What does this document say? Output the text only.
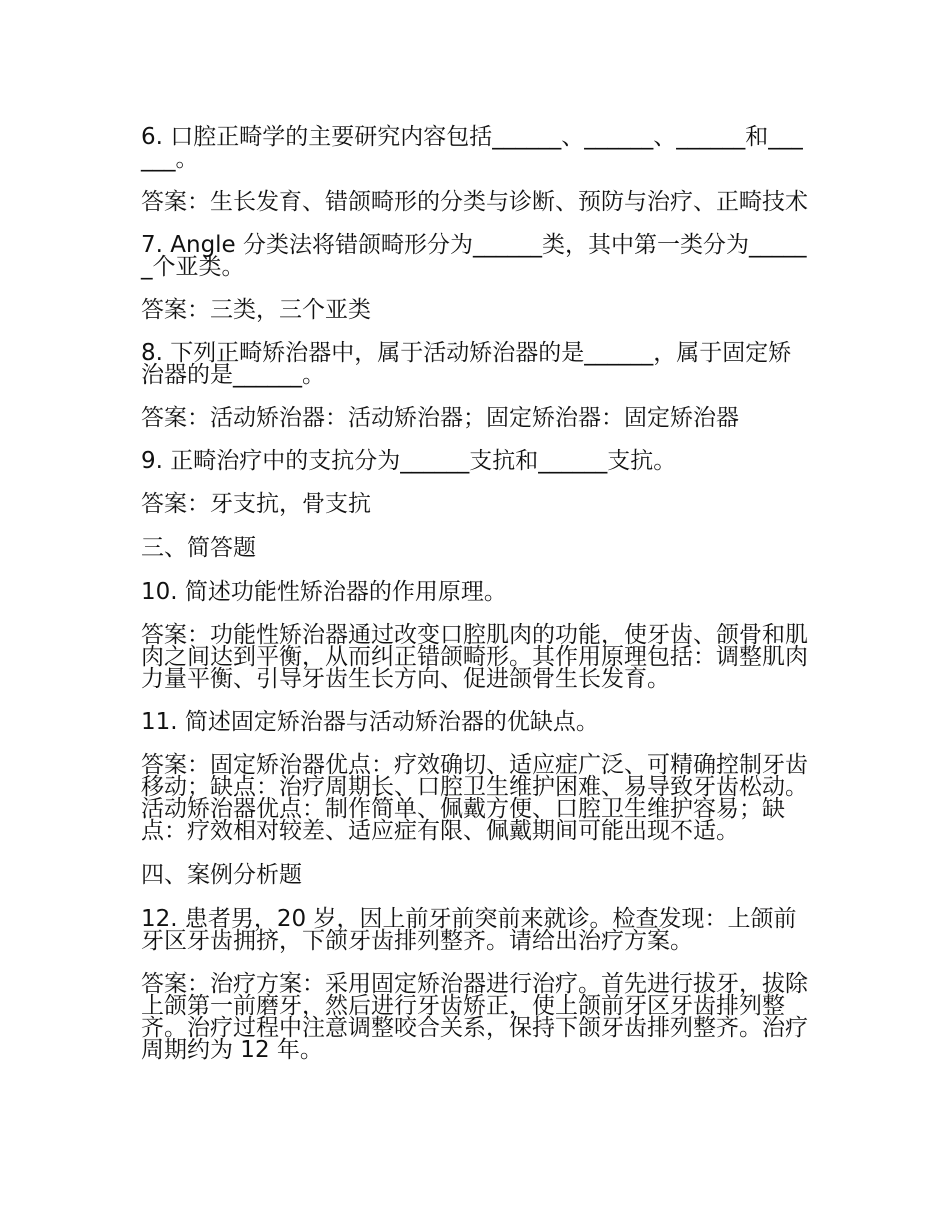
6. 口腔正畸学的主要研究内容包括______、______、______和______。

答案：生长发育、错颌畸形的分类与诊断、预防与治疗、正畸技术

7. Angle 分类法将错颌畸形分为______类，其中第一类分为______个亚类。

答案：三类，三个亚类

8. 下列正畸矫治器中，属于活动矫治器的是______，属于固定矫治器的是______。

答案：活动矫治器：活动矫治器；固定矫治器：固定矫治器

9. 正畸治疗中的支抗分为______支抗和______支抗。

答案：牙支抗，骨支抗

三、简答题

10. 简述功能性矫治器的作用原理。

答案：功能性矫治器通过改变口腔肌肉的功能，使牙齿、颌骨和肌肉之间达到平衡，从而纠正错颌畸形。其作用原理包括：调整肌肉力量平衡、引导牙齿生长方向、促进颌骨生长发育。

11. 简述固定矫治器与活动矫治器的优缺点。

答案：固定矫治器优点：疗效确切、适应症广泛、可精确控制牙齿移动；缺点：治疗周期长、口腔卫生维护困难、易导致牙齿松动。活动矫治器优点：制作简单、佩戴方便、口腔卫生维护容易；缺点：疗效相对较差、适应症有限、佩戴期间可能出现不适。

四、案例分析题

12. 患者男，20 岁，因上前牙前突前来就诊。检查发现：上颌前牙区牙齿拥挤，下颌牙齿排列整齐。请给出治疗方案。

答案：治疗方案：采用固定矫治器进行治疗。首先进行拔牙，拔除上颌第一前磨牙，然后进行牙齿矫正，使上颌前牙区牙齿排列整齐。治疗过程中注意调整咬合关系，保持下颌牙齿排列整齐。治疗周期约为 12 年。
